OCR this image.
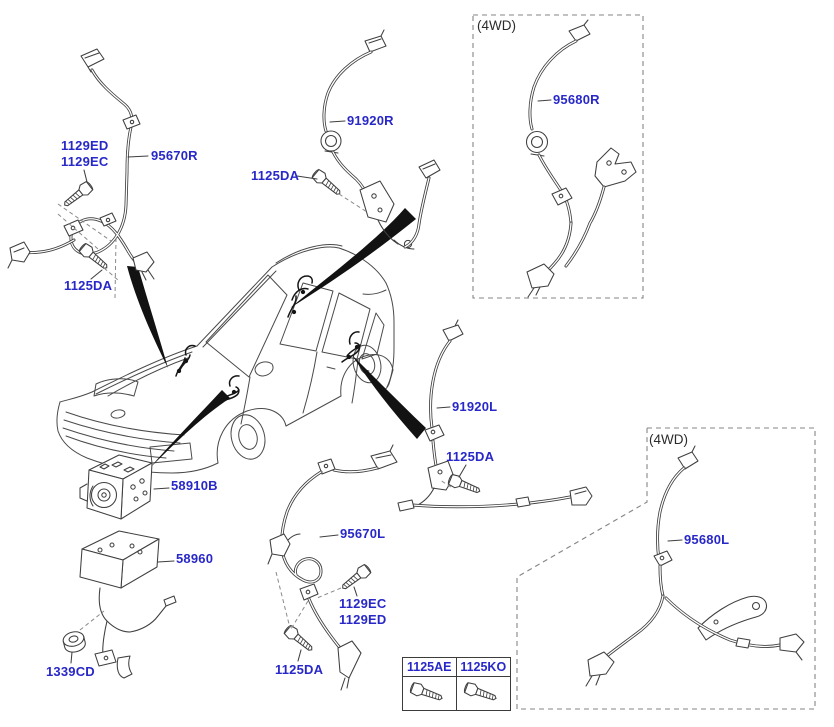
1129ED
1129EC	95670R
1125DA
91920R
1125DA
(4WD)
95680R
91920L
1125DA
95670L
1129EC
1129ED
1125DA
58910B
58960
1339CD
(4WD)
95680L
1125AE 1125KO
